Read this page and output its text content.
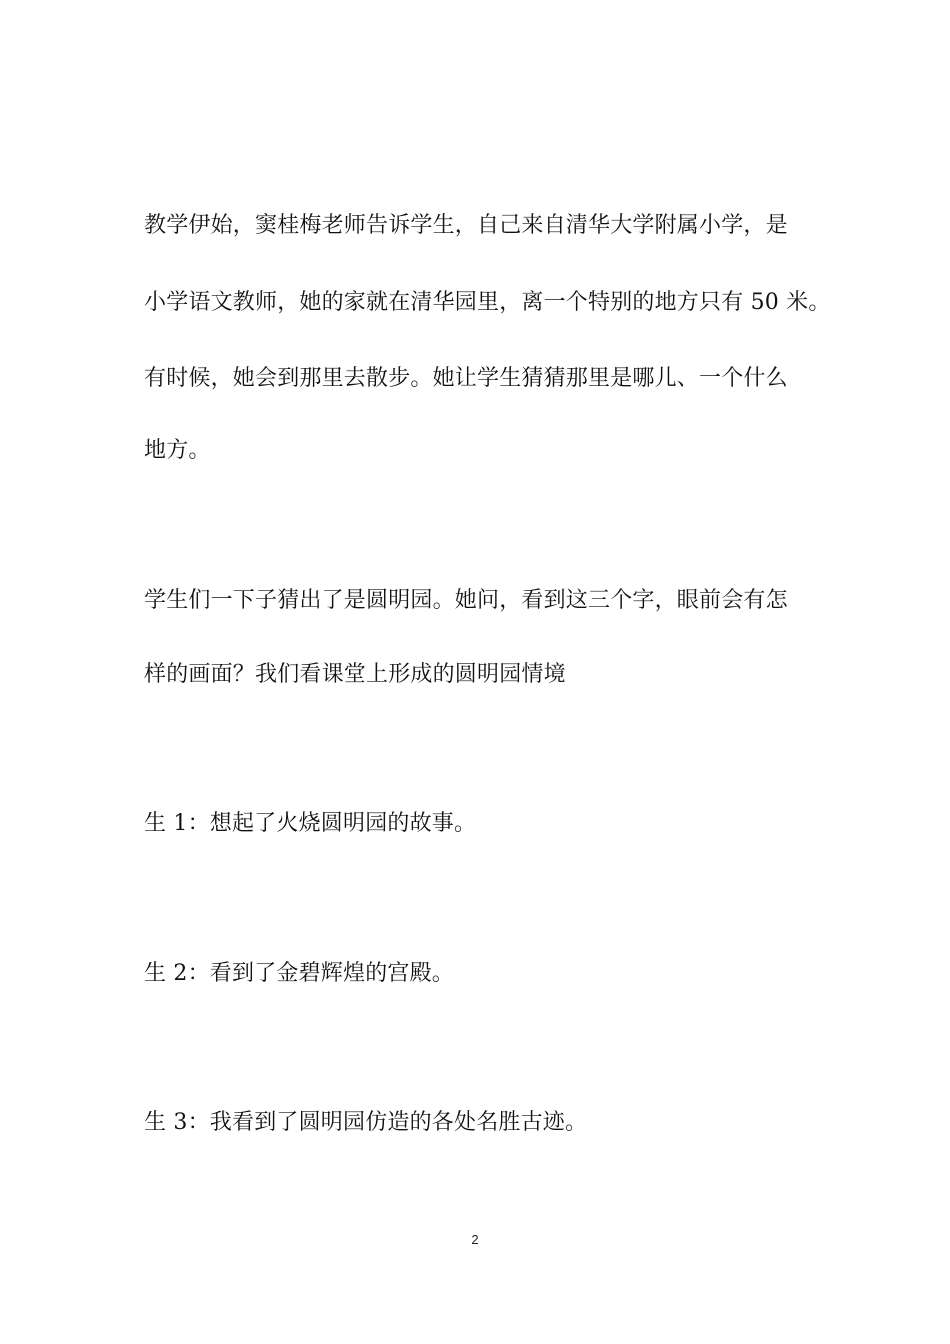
教学伊始，窦桂梅老师告诉学生，自己来自清华大学附属小学，是
小学语文教师，她的家就在清华园里，离一个特别的地方只有 50 米。
有时候，她会到那里去散步。她让学生猜猜那里是哪儿、一个什么
地方。
学生们一下子猜出了是圆明园。她问，看到这三个字，眼前会有怎
样的画面？我们看课堂上形成的圆明园情境
生 1：想起了火烧圆明园的故事。
生 2：看到了金碧辉煌的宫殿。
生 3：我看到了圆明园仿造的各处名胜古迹。
2
